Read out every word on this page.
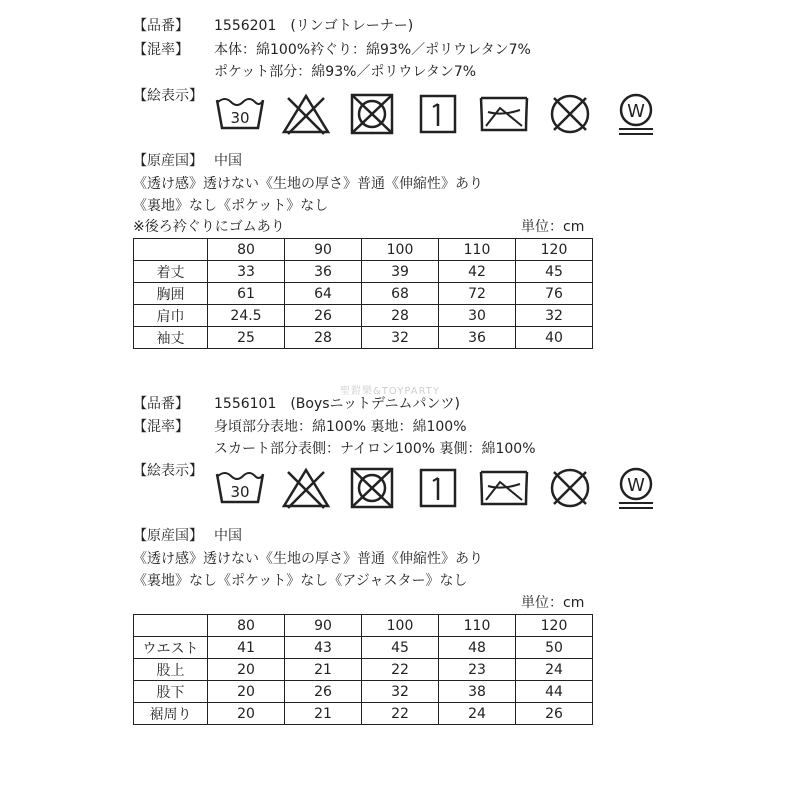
【品番】 1556201　(リンゴトレーナー)
【混率】 本体：綿100%衿ぐり：綿93%／ポリウレタン7%
ポケット部分：綿93%／ポリウレタン7%
【絵表示】
30	W
【原産国】 中国
《透け感》透けない《生地の厚さ》普通《伸縮性》あり
《裏地》なし《ポケット》なし
※後ろ衿ぐりにゴムあり	単位：cm
	80	90	100	110	120
着丈	33	36	39	42	45
胸囲	61	64	68	72	76
肩巾	24.5	26	28	30	32
袖丈	25	28	32	36	40
聖鎧樂&TOYPARTY
【品番】 1556101　(Boysニットデニムパンツ)
【混率】 身頃部分表地：綿100% 裏地：綿100%
スカート部分表側：ナイロン100% 裏側：綿100%
【絵表示】
30	W
【原産国】 中国
《透け感》透けない《生地の厚さ》普通《伸縮性》あり
《裏地》なし《ポケット》なし《アジャスター》なし
単位：cm
	80	90	100	110	120
ウエスト	41	43	45	48	50
股上	20	21	22	23	24
股下	20	26	32	38	44
裾周り	20	21	22	24	26
